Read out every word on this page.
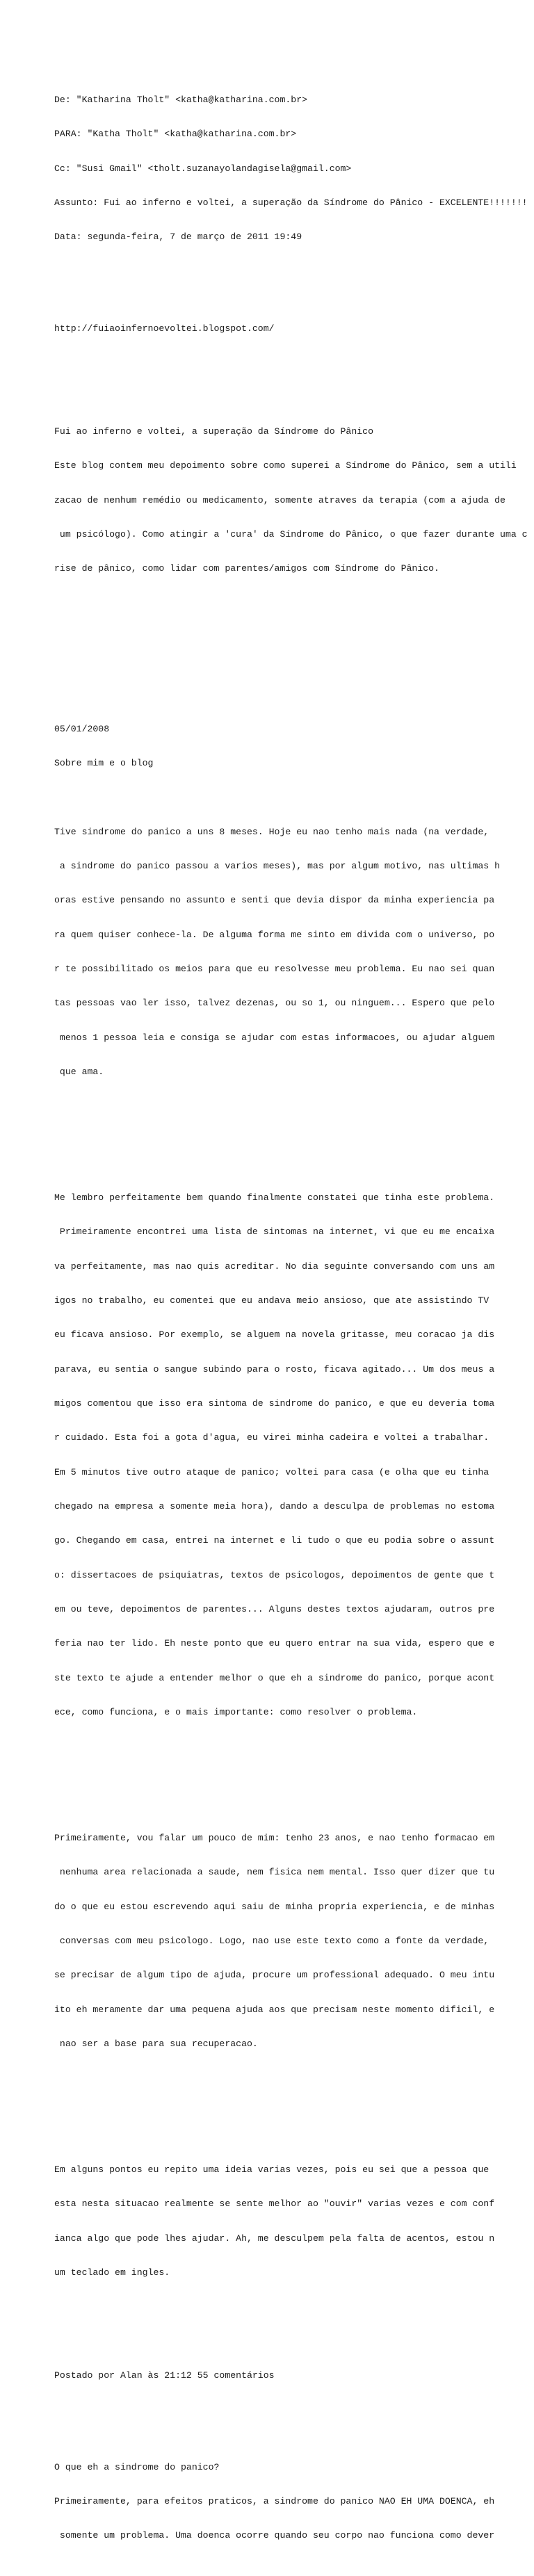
De: "Katharina Tholt" <katha@katharina.com.br>

PARA: "Katha Tholt" <katha@katharina.com.br>

Cc: "Susi Gmail" <tholt.suzanayolandagisela@gmail.com>

Assunto: Fui ao inferno e voltei, a superação da Síndrome do Pânico - EXCELENTE!!!!!!!

Data: segunda-feira, 7 de março de 2011 19:49

http://fuiaoinfernoevoltei.blogspot.com/

Fui ao inferno e voltei, a superação da Síndrome do Pânico

Este blog contem meu depoimento sobre como superei a Síndrome do Pânico, sem a utili

zacao de nenhum remédio ou medicamento, somente atraves da terapia (com a ajuda de

um psicólogo). Como atingir a 'cura' da Síndrome do Pânico, o que fazer durante uma c

rise de pânico, como lidar com parentes/amigos com Síndrome do Pânico.

05/01/2008

Sobre mim e o blog

Tive sindrome do panico a uns 8 meses. Hoje eu nao tenho mais nada (na verdade,

a sindrome do panico passou a varios meses), mas por algum motivo, nas ultimas h

oras estive pensando no assunto e senti que devia dispor da minha experiencia pa

ra quem quiser conhece-la. De alguma forma me sinto em divida com o universo, po

r te possibilitado os meios para que eu resolvesse meu problema. Eu nao sei quan

tas pessoas vao ler isso, talvez dezenas, ou so 1, ou ninguem... Espero que pelo

menos 1 pessoa leia e consiga se ajudar com estas informacoes, ou ajudar alguem

que ama.

Me lembro perfeitamente bem quando finalmente constatei que tinha este problema.

Primeiramente encontrei uma lista de sintomas na internet, vi que eu me encaixa

va perfeitamente, mas nao quis acreditar. No dia seguinte conversando com uns am

igos no trabalho, eu comentei que eu andava meio ansioso, que ate assistindo TV

eu ficava ansioso. Por exemplo, se alguem na novela gritasse, meu coracao ja dis

parava, eu sentia o sangue subindo para o rosto, ficava agitado... Um dos meus a

migos comentou que isso era sintoma de sindrome do panico, e que eu deveria toma

r cuidado. Esta foi a gota d'agua, eu virei minha cadeira e voltei a trabalhar.

Em 5 minutos tive outro ataque de panico; voltei para casa (e olha que eu tinha

chegado na empresa a somente meia hora), dando a desculpa de problemas no estoma

go. Chegando em casa, entrei na internet e li tudo o que eu podia sobre o assunt

o: dissertacoes de psiquiatras, textos de psicologos, depoimentos de gente que t

em ou teve, depoimentos de parentes... Alguns destes textos ajudaram, outros pre

feria nao ter lido. Eh neste ponto que eu quero entrar na sua vida, espero que e

ste texto te ajude a entender melhor o que eh a sindrome do panico, porque acont

ece, como funciona, e o mais importante: como resolver o problema.

Primeiramente, vou falar um pouco de mim: tenho 23 anos, e nao tenho formacao em

nenhuma area relacionada a saude, nem fisica nem mental. Isso quer dizer que tu

do o que eu estou escrevendo aqui saiu de minha propria experiencia, e de minhas

conversas com meu psicologo. Logo, nao use este texto como a fonte da verdade,

se precisar de algum tipo de ajuda, procure um professional adequado. O meu intu

ito eh meramente dar uma pequena ajuda aos que precisam neste momento dificil, e

nao ser a base para sua recuperacao.

Em alguns pontos eu repito uma ideia varias vezes, pois eu sei que a pessoa que

esta nesta situacao realmente se sente melhor ao "ouvir" varias vezes e com conf

ianca algo que pode lhes ajudar. Ah, me desculpem pela falta de acentos, estou n

um teclado em ingles.

Postado por Alan às 21:12 55 comentários

O que eh a sindrome do panico?

Primeiramente, para efeitos praticos, a sindrome do panico NAO EH UMA DOENCA, eh

somente um problema. Uma doenca ocorre quando seu corpo nao funciona como dever
